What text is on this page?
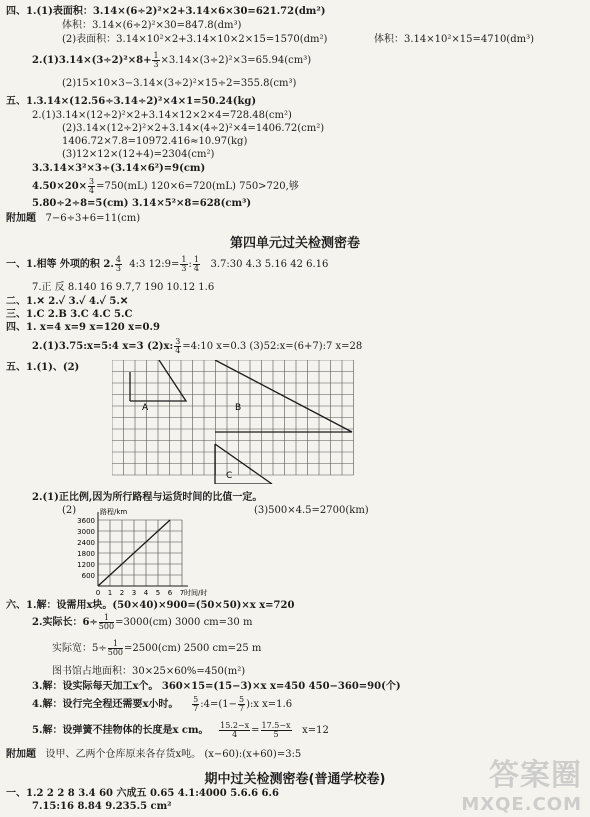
四、1.(1)表面积：3.14×(6÷2)²×2+3.14×6×30=621.72(dm²)
体积：3.14×(6÷2)²×30=847.8(dm³)
(2)表面积：3.14×10²×2+3.14×10×2×15=1570(dm²)	体积：3.14×10²×15=4710(dm³)
$2.(1)3.14\times(3\div 2)^2\times 8+ \frac{1}{3} \times 3.14\times(3\div 2)^2\times 3=65.94(cm^3)$
(2)15×10×3−3.14×(3÷2)²×15÷2=355.8(cm³)
五、1.3.14×(12.56÷3.14÷2)²×4×1=50.24(kg)
2.(1)3.14×(12÷2)²×2+3.14×12×2×4=728.48(cm²)
(2)3.14×(12÷2)²×2+3.14×(4÷2)²×4=1406.72(cm²)
1406.72×7.8=10972.416≈10.97(kg)
(3)12×12×(12+4)=2304(cm²)
3.3.14×3²×3÷(3.14×6²)=9(cm)
$4.50\times 20\times \frac{3}{4} =750(mL)$ 120×6=720(mL) 750>720,够
5.80÷2÷8=5(cm) 3.14×5²×8=628(cm³)
附加题 7−6÷3+6=11(cm)
第四单元过关检测密卷
一、1.相等 外项的积 2. $\frac{4}{3}$ 4:3 12:9= $\frac{1}{3}$ : $\frac{1}{4}$ 3.7:30 4.3 5.16 42 6.16
7.正 反 8.140 16 9.7,7 190 10.12 1.6
二、1.✕ 2.✓ 3.✓ 4.✓ 5.✕
三、1.C 2.B 3.C 4.C 5.C
四、1. x=4 x=9 x=120 x=0.9
2.(1)3.75:x=5:4 x=3 (2)x: $\frac{3}{4}$ =4:10 x=0.3 (3)52:x=(6+7):7 x=28
五、1.(1)、(2)
A	B
C
2.(1)正比例,因为所行路程与运货时间的比值一定。
(2)	(3)500×4.5=2700(km)
3600
3000
2400
1800
1200
600
0 1 2 3 4 5 6 7
路程/km
时间/时
六、1.解：设需用x块。(50×40)×900=(50×50)×x x=720
2.实际长：$6\div \frac{1}{500} =3000(cm)$ 3000 cm=30 m
实际宽：$5\div \frac{1}{500} =2500(cm)$ 2500 cm=25 m
图书馆占地面积：30×25×60%=450(m²)
3.解：设实际每天加工x个。 360×15=(15−3)×x x=450 450−360=90(个)
4.解：设行完全程还需要x小时。 $\frac{5}{7}$ :4=(1− $\frac{5}{7}$ ):x x=1.6
5.解：设弹簧不挂物体的长度是x cm。 $\frac{15.2-x}{4} = \frac{17.5-x}{5} x=12$
附加题 设甲、乙两个仓库原来各存货x吨。 (x−60):(x+60)=3:5
期中过关检测密卷(普通学校卷)
一、1.2 2 2 8 3.4 60 六成五 0.65 4.1:4000 5.6.6 6.6
7.15:16 8.84 9.235.5 cm²
答案圈
MXQE.COM
